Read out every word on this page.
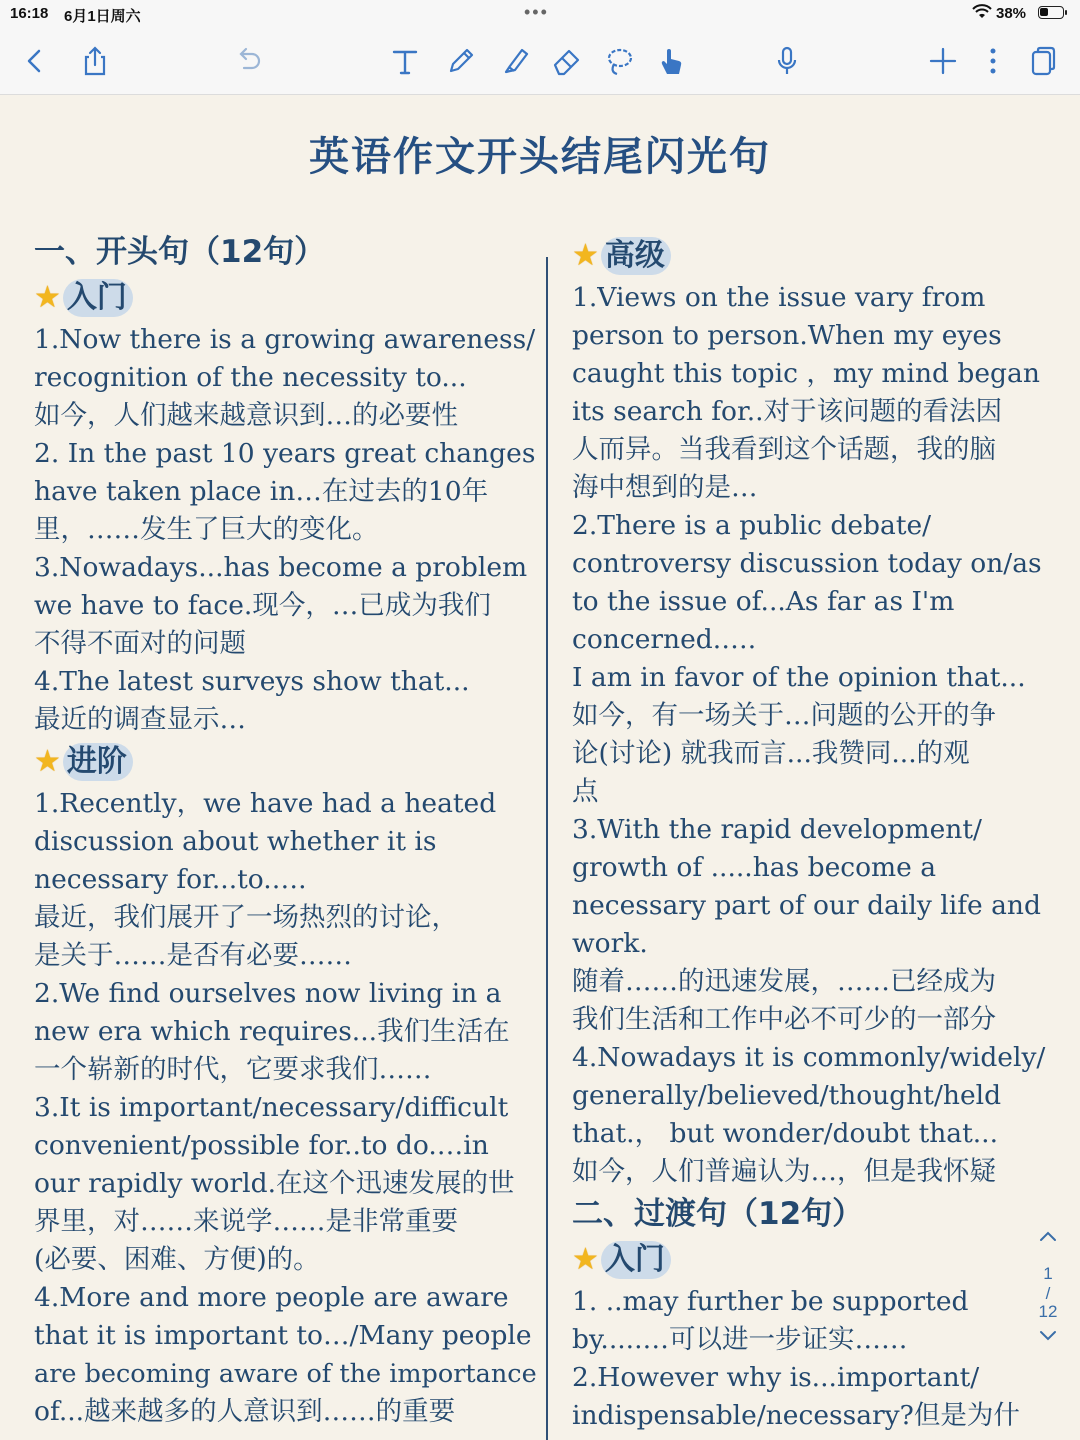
16:18 6月1日周六	•••	38%
英语作文开头结尾闪光句
一、开头句（12句）
★ 入门
1.Now there is a growing awareness/
recognition of the necessity to...
如今，人们越来越意识到…的必要性
2. In the past 10 years great changes
have taken place in…在过去的10年
里，……发生了巨大的变化。
3.Nowadays...has become a problem
we have to face.现今，…已成为我们
不得不面对的问题
4.The latest surveys show that...
最近的调查显示…
★ 进阶
1.Recently，we have had a heated
discussion about whether it is
necessary for...to.….
最近，我们展开了一场热烈的讨论，
是关于……是否有必要……
2.We find ourselves now living in a
new era which requires...我们生活在
一个崭新的时代，它要求我们……
3.It is important/necessary/difficult
convenient/possible for..to do.…in
our rapidly world.在这个迅速发展的世
界里，对……来说学……是非常重要
(必要、困难、方便)的。
4.More and more people are aware
that it is important to…/Many people
are becoming aware of the importance
of...越来越多的人意识到……的重要
★ 高级
1.Views on the issue vary from
person to person.When my eyes
caught this topic ，my mind began
its search for..对于该问题的看法因
人而异。当我看到这个话题，我的脑
海中想到的是…
2.There is a public debate/
controversy discussion today on/as
to the issue of...As far as I'm
concerned.….
I am in favor of the opinion that...
如今，有一场关于…问题的公开的争
论(讨论) 就我而言...我赞同...的观
点
3.With the rapid development/
growth of .....has become a
necessary part of our daily life and
work.
随着……的迅速发展，……已经成为
我们生活和工作中必不可少的一部分
4.Nowadays it is commonly/widely/
generally/believed/thought/held
that.， but wonder/doubt that...
如今，人们普遍认为…，但是我怀疑
二、过渡句（12句）
★ 入门
1. ..may further be supported
by.....…可以进一步证实……
2.However why is...important/
indispensable/necessary?但是为什
1
/
12
